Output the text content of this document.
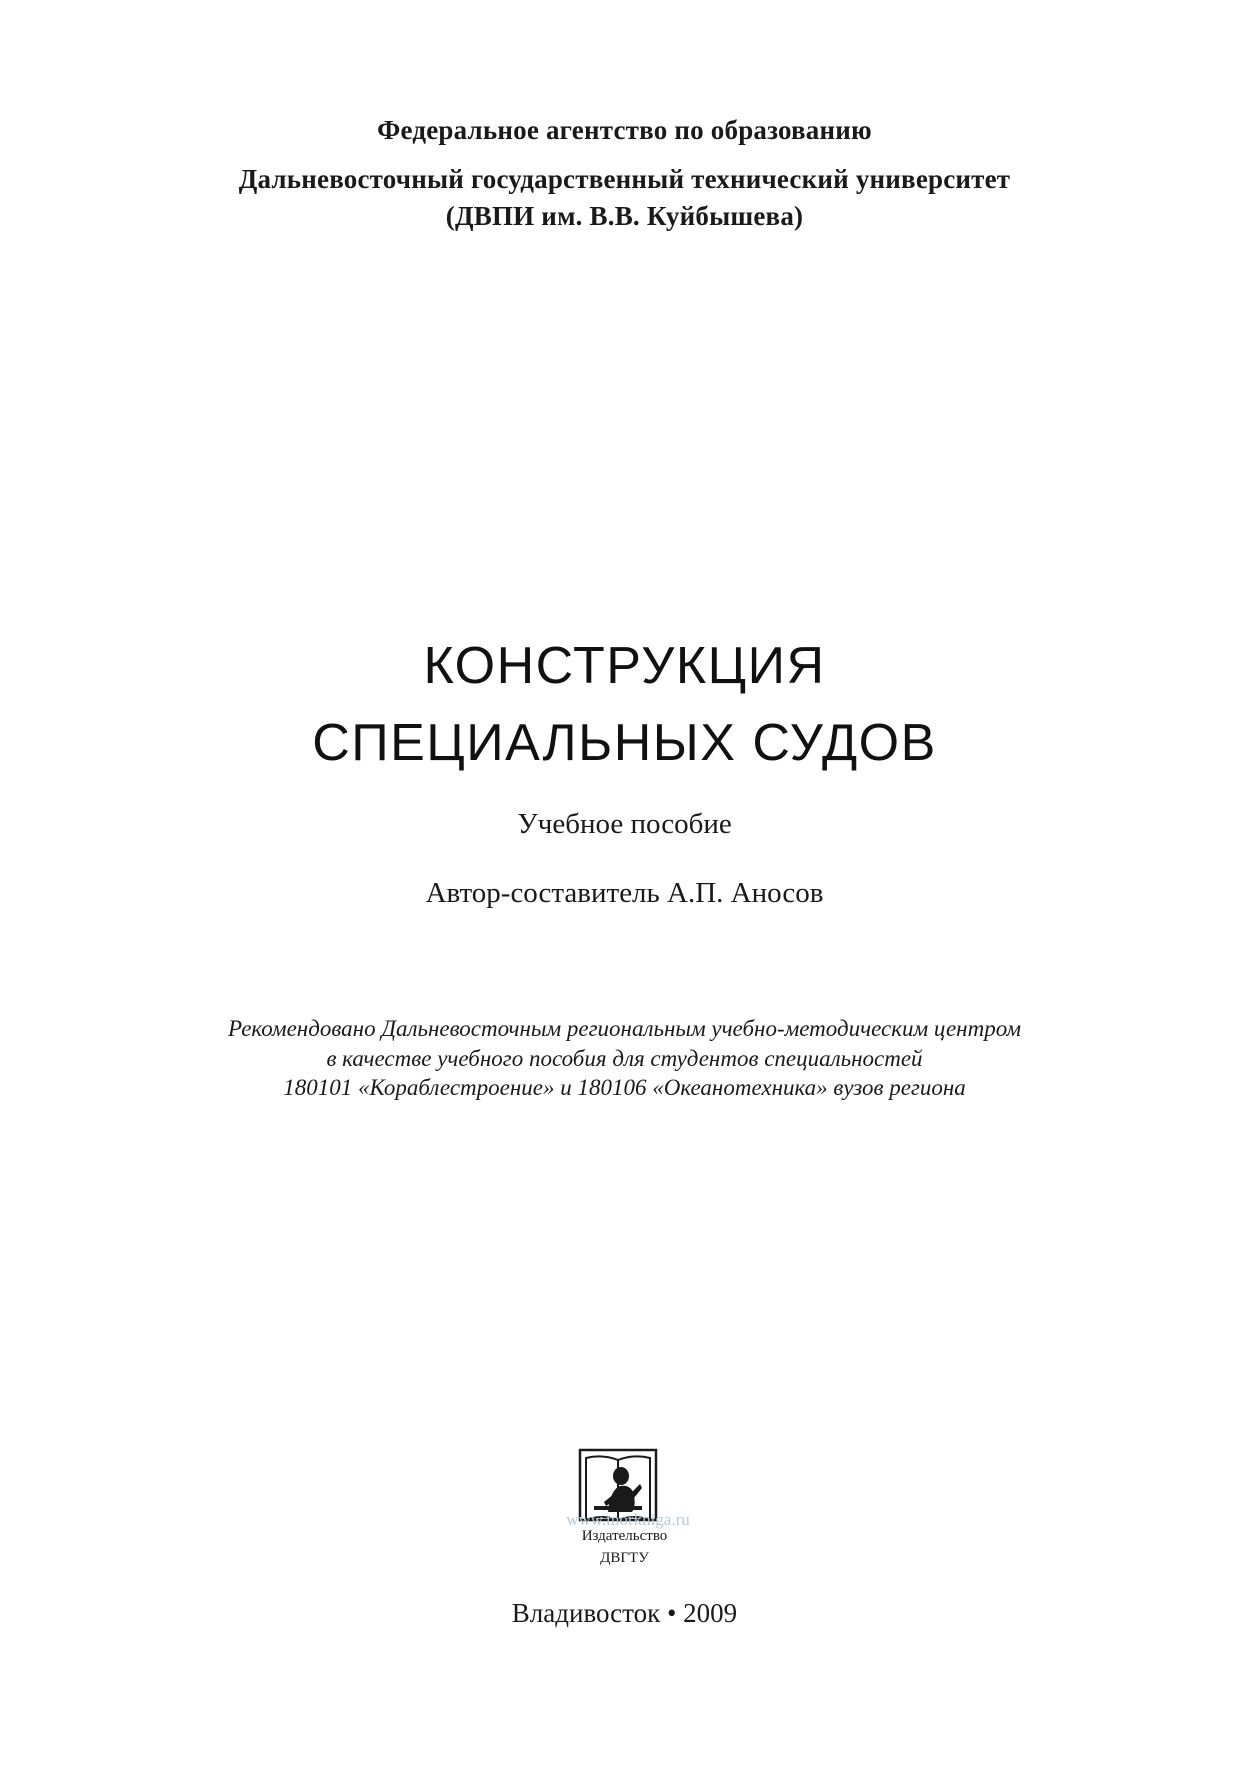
Федеральное агентство по образованию
Дальневосточный государственный технический университет
(ДВПИ им. В.В. Куйбышева)
КОНСТРУКЦИЯ
СПЕЦИАЛЬНЫХ СУДОВ
Учебное пособие
Автор-составитель А.П. Аносов
Рекомендовано Дальневосточным региональным учебно-методическим центром
в качестве учебного пособия для студентов специальностей
180101 «Кораблестроение» и 180106 «Океанотехника» вузов региона
www.morkniga.ru
Издательство
ДВГТУ
Владивосток • 2009
